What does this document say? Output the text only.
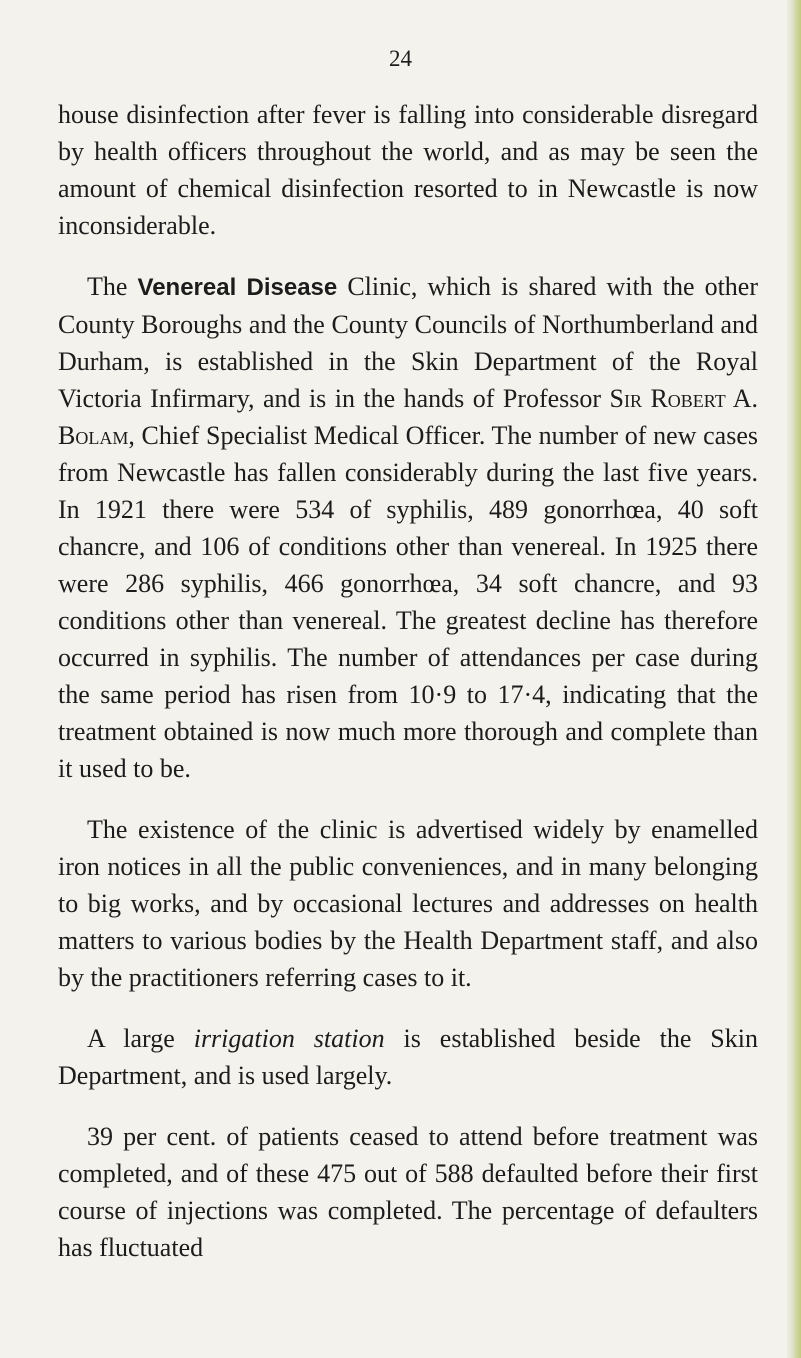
24

house disinfection after fever is falling into considerable disregard by health officers throughout the world, and as may be seen the amount of chemical disinfection resorted to in Newcastle is now inconsiderable.

The Venereal Disease Clinic, which is shared with the other County Boroughs and the County Councils of Northumberland and Durham, is established in the Skin Department of the Royal Victoria Infirmary, and is in the hands of Professor Sir Robert A. Bolam, Chief Specialist Medical Officer. The number of new cases from Newcastle has fallen considerably during the last five years. In 1921 there were 534 of syphilis, 489 gonorrhœa, 40 soft chancre, and 106 of conditions other than venereal. In 1925 there were 286 syphilis, 466 gonorrhœa, 34 soft chancre, and 93 conditions other than venereal. The greatest decline has therefore occurred in syphilis. The number of attendances per case during the same period has risen from 10·9 to 17·4, indicating that the treatment obtained is now much more thorough and complete than it used to be.

The existence of the clinic is advertised widely by enamelled iron notices in all the public conveniences, and in many belonging to big works, and by occasional lectures and addresses on health matters to various bodies by the Health Department staff, and also by the practitioners referring cases to it.

A large irrigation station is established beside the Skin Department, and is used largely.

39 per cent. of patients ceased to attend before treatment was completed, and of these 475 out of 588 defaulted before their first course of injections was completed. The percentage of defaulters has fluctuated
